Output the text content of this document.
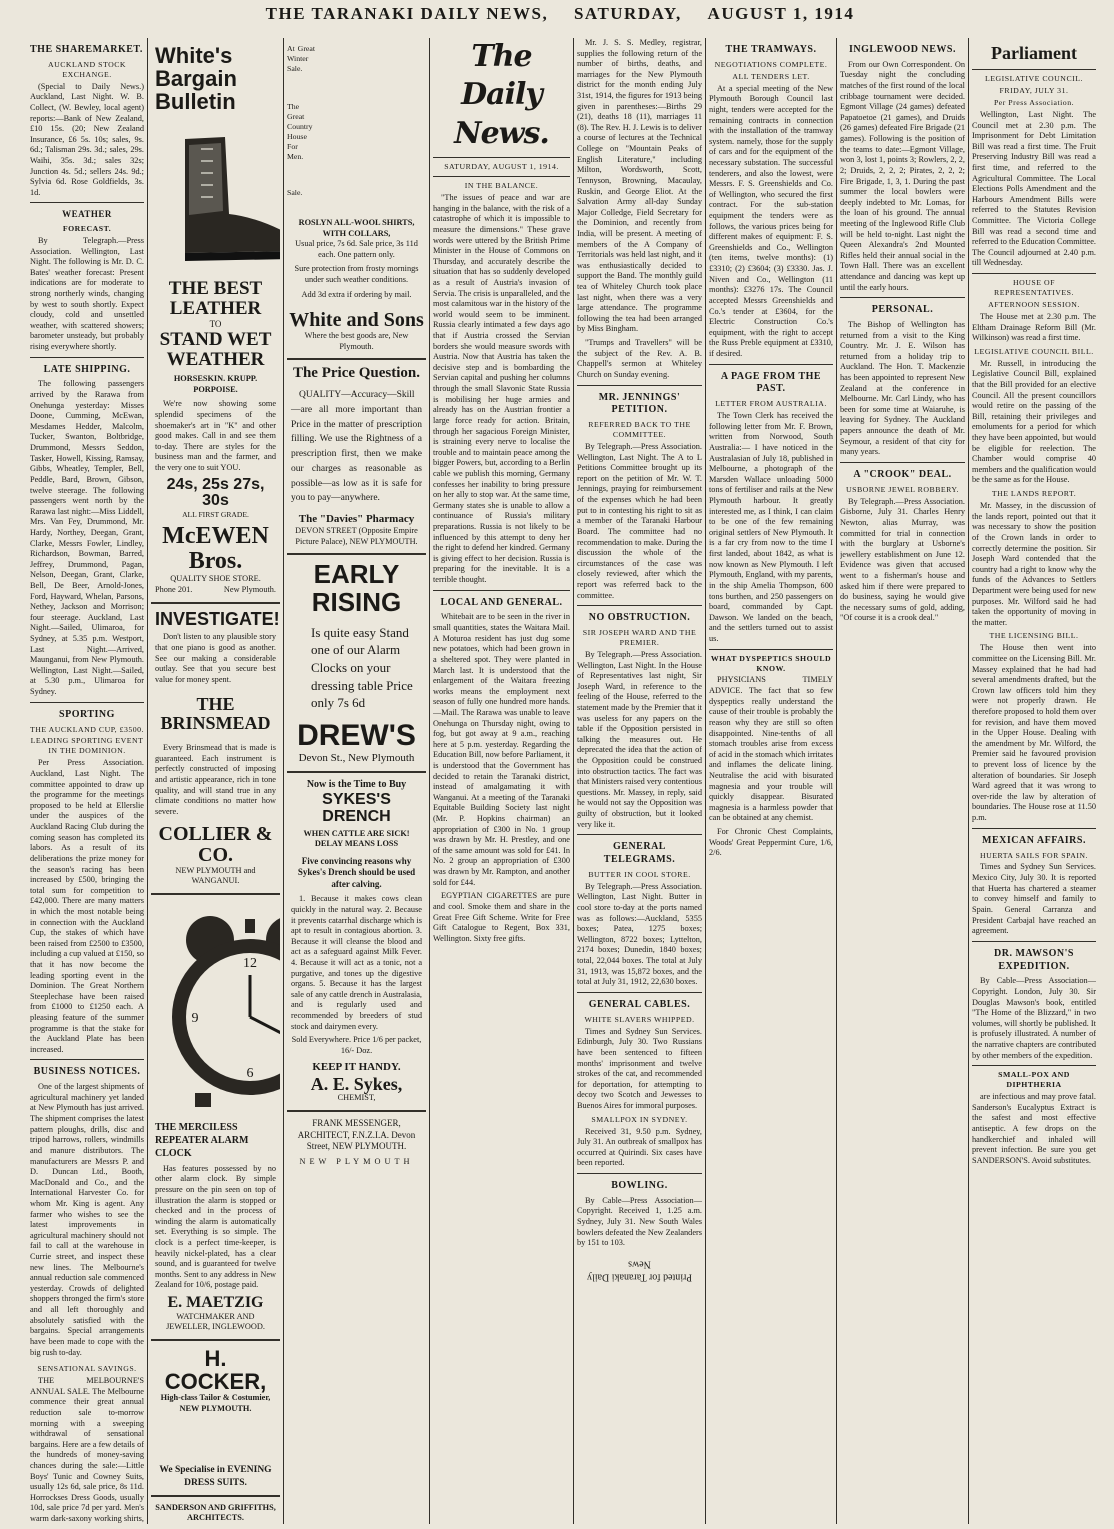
THE TARANAKI DAILY NEWS, SATURDAY, AUGUST 1, 1914
THE SHAREMARKET.
AUCKLAND STOCK EXCHANGE.

(Special to Daily News.) Auckland, Last Night. W. B. Collect, (W. Bewley, local agent) reports:—Bank of New Zealand, £10 15s. (20; New Zealand Insurance, £6 5s. 10s; sales, 9s. 6d.; Talisman 29s. 3d.; sales, 29s. Waihi, 35s. 3d.; sales 32s; Junction 4s. 5d.; sellers 24s. 9d.; Sylvia 6d. Rose Goldfields, 3s. 1d.

WEATHER
FORECAST.

By Telegraph.—Press Association. Wellington, Last Night. The following is Mr. D. C. Bates' weather forecast: Present indications are for moderate to strong northerly winds, changing by west to south shortly. Expect cloudy, cold and unsettled weather, with scattered showers; barometer unsteady, but probably rising everywhere shortly.

LATE SHIPPING.

The following passengers arrived by the Rarawa from Onehunga yesterday: Misses Doone, Cumming, McEwan, Mesdames Hedder, Malcolm, Tucker, Swanton, Boltbridge, Drummond, Messrs Seddon, Tasker, Howell, Kissing, Ramsay, Gibbs, Wheatley, Templer, Bell, Peddle, Bard, Brown, Gibson, twelve steerage. The following passengers went north by the Rarawa last night:—Miss Liddell, Mrs. Van Fey, Drummond, Mr. Hardy, Northey, Deegan, Grant, Clarke, Messrs Fowler, Lindley, Richardson, Bowman, Barred, Jeffrey, Drummond, Pagan, Nelson, Deegan, Grant, Clarke, Bell, De Beer, Arnold-Jones, Ford, Hayward, Whelan, Parsons, Nethey, Jackson and Morrison; four steerage. Auckland, Last Night.—Sailed, Ulimaroa, for Sydney, at 5.35 p.m. Westport, Last Night.—Arrived, Maunganui, from New Plymouth. Wellington, Last Night.—Sailed, at 5.30 p.m., Ulimaroa for Sydney.

SPORTING
THE AUCKLAND CUP, £3500.
LEADING SPORTING EVENT IN THE DOMINION.

Per Press Association. Auckland, Last Night. The committee appointed to draw up the programme for the meetings proposed to be held at Ellerslie under the auspices of the Auckland Racing Club during the coming season has completed its labors. As a result of its deliberations the prize money for the season's racing has been increased by £500, bringing the total sum for competition to £42,000. There are many matters in which the most notable being in connection with the Auckland Cup, the stakes of which have been raised from £2500 to £3500, including a cup valued at £150, so that it has now become the leading sporting event in the Dominion. The Great Northern Steeplechase have been raised from £1000 to £1250 each. A pleasing feature of the summer programme is that the stake for the Auckland Plate has been increased.

BUSINESS NOTICES.

One of the largest shipments of agricultural machinery yet landed at New Plymouth has just arrived. The shipment comprises the latest pattern ploughs, drills, disc and tripod harrows, rollers, windmills and manure distributors. The manufacturers are Messrs P. and D. Duncan Ltd., Booth, MacDonald and Co., and the International Harvester Co. for whom Mr. King is agent. Any farmer who wishes to see the latest improvements in agricultural machinery should not fail to call at the warehouse in Currie street, and inspect these new lines. The Melbourne's annual reduction sale commenced yesterday. Crowds of delighted shoppers thronged the firm's store and all left thoroughly and absolutely satisfied with the bargains. Special arrangements have been made to cope with the big rush to-day.

SENSATIONAL SAVINGS.

THE MELBOURNE'S ANNUAL SALE. The Melbourne commence their great annual reduction sale to-morrow morning with a sweeping withdrawal of sensational bargains. Here are a few details of the hundreds of money-saving chances during the sale:—Little Boys' Tunic and Cowney Suits, usually 12s 6d, sale price, 8s 11d. Horrockses Dress Goods, usually 10d, sale price 7d per yard. Men's warm dark-saxony working shirts,

White's Bargain Bulletin
THE BEST LEATHER
TO
STAND WET WEATHER
HORSESKIN. KRUPP. PORPOISE.

We're now showing some splendid specimens of the shoemaker's art in "K" and other good makes. Call in and see them to-day. There are styles for the business man and the farmer, and the very one to suit YOU.

24s, 25s 27s, 30s
ALL FIRST GRADE.
McEWEN Bros.
QUALITY SHOE STORE.
Phone 201.	New Plymouth.
INVESTIGATE!

Don't listen to any plausible story that one piano is good as another. See our making a considerable outlay. See that you secure best value for money spent.

THE BRINSMEAD

Every Brinsmead that is made is guaranteed. Each instrument is perfectly constructed of imposing and artistic appearance, rich in tone quality, and will stand true in any climate conditions no matter how severe.

COLLIER & CO.
NEW PLYMOUTH and WANGANUI.
12
6
9
THE MERCILESS REPEATER ALARM CLOCK

Has features possessed by no other alarm clock. By simple pressure on the pin seen on top of illustration the alarm is stopped or checked and in the process of winding the alarm is automatically set. Everything is so simple. The clock is a perfect time-keeper, is heavily nickel-plated, has a clear sound, and is guaranteed for twelve months. Sent to any address in New Zealand for 10/6, postage paid.

E. MAETZIG
WATCHMAKER AND JEWELLER, INGLEWOOD.
H. COCKER,
High-class Tailor & Costumier, NEW PLYMOUTH.
We Specialise in EVENING DRESS SUITS.
SANDERSON AND GRIFFITHS, ARCHITECTS.
At Great Winter Sale.
The Great Country House For Men.
Sale.
ROSLYN ALL-WOOL SHIRTS, WITH COLLARS,
Usual price, 7s 6d. Sale price, 3s 11d each. One pattern only.
Sure protection from frosty mornings under such weather conditions.
Add 3d extra if ordering by mail.
White and Sons
Where the best goods are, New Plymouth.
The Price Question.

QUALITY—Accuracy—Skill—are all more important than Price in the matter of prescription filling. We use the Rightness of a prescription first, then we make our charges as reasonable as possible—as low as it is safe for you to pay—anywhere.

The "Davies" Pharmacy
DEVON STREET (Opposite Empire Picture Palace), NEW PLYMOUTH.
EARLY RISING
Is quite easy Stand one of our Alarm Clocks on your dressing table Price only 7s 6d
DREW'S
Devon St., New Plymouth
Now is the Time to Buy
SYKES'S DRENCH
WHEN CATTLE ARE SICK! DELAY MEANS LOSS
Five convincing reasons why Sykes's Drench should be used after calving.

1. Because it makes cows clean quickly in the natural way. 2. Because it prevents catarrhal discharge which is apt to result in contagious abortion. 3. Because it will cleanse the blood and act as a safeguard against Milk Fever. 4. Because it will act as a tonic, not a purgative, and tones up the digestive organs. 5. Because it has the largest sale of any cattle drench in Australasia, and is regularly used and recommended by breeders of stud stock and dairymen every.

Sold Everywhere. Price 1/6 per packet, 16/- Doz.
KEEP IT HANDY.
A. E. Sykes,
CHEMIST,
FRANK MESSENGER, ARCHITECT, F.N.Z.I.A. Devon Street, NEW PLYMOUTH.
NEW PLYMOUTH
The Daily News.
SATURDAY, AUGUST 1, 1914.
IN THE BALANCE.

"The issues of peace and war are hanging in the balance, with the risk of a catastrophe of which it is impossible to measure the dimensions." These grave words were uttered by the British Prime Minister in the House of Commons on Thursday, and accurately describe the situation that has so suddenly developed as a result of Austria's invasion of Servia. The crisis is unparalleled, and the most calamitous war in the history of the world would seem to be imminent. Russia clearly intimated a few days ago that if Austria crossed the Servian borders she would measure swords with Austria. Now that Austria has taken the decisive step and is bombarding the Servian capital and pushing her columns through the small Slavonic State Russia is mobilising her huge armies and already has on the Austrian frontier a large force ready for action. Britain, through her sagacious Foreign Minister, is straining every nerve to localise the trouble and to maintain peace among the bigger Powers, but, according to a Berlin cable we publish this morning, Germany confesses her inability to bring pressure on her ally to stop war. At the same time, Germany states she is unable to allow a continuance of Russia's military preparations. Russia is not likely to be influenced by this attempt to deny her the right to defend her kindred. Germany is giving effect to her decision. Russia is preparing for the inevitable. It is a terrible thought.

LOCAL AND GENERAL.

Whitebait are to be seen in the river in small quantities, states the Waitara Mail. A Moturoa resident has just dug some new potatoes, which had been grown in a sheltered spot. They were planted in March last. It is understood that the enlargement of the Waitara freezing works means the employment next season of fully one hundred more hands.—Mail. The Rarawa was unable to leave Onehunga on Thursday night, owing to fog, but got away at 9 a.m., reaching here at 5 p.m. yesterday. Regarding the Education Bill, now before Parliament, it is understood that the Government has decided to retain the Taranaki district, instead of amalgamating it with Wanganui. At a meeting of the Taranaki Equitable Building Society last night (Mr. P. Hopkins chairman) an appropriation of £300 in No. 1 group was drawn by Mr. H. Prestley, and one of the same amount was sold for £41. In No. 2 group an appropriation of £300 was drawn by Mr. Rampton, and another sold for £44.

EGYPTIAN CIGARETTES are pure and cool. Smoke them and share in the Great Free Gift Scheme. Write for Free Gift Catalogue to Regent, Box 331, Wellington. Sixty free gifts.

Mr. J. S. S. Medley, registrar, supplies the following return of the number of births, deaths, and marriages for the New Plymouth district for the month ending July 31st, 1914, the figures for 1913 being given in parentheses:—Births 29 (21), deaths 18 (11), marriages 11 (8). The Rev. H. J. Lewis is to deliver a course of lectures at the Technical College on "Mountain Peaks of English Literature," including Milton, Wordsworth, Scott, Tennyson, Browning, Macaulay, Ruskin, and George Eliot. At the Salvation Army all-day Sunday Major Colledge, Field Secretary for the Dominion, and recently from India, will be present. A meeting of members of the A Company of Territorials was held last night, and it was enthusiastically decided to support the Band. The monthly guild tea of Whiteley Church took place last night, when there was a very large attendance. The programme following the tea had been arranged by Miss Bingham.

"Trumps and Travellers" will be the subject of the Rev. A. B. Chappell's sermon at Whiteley Church on Sunday evening.

MR. JENNINGS' PETITION.
REFERRED BACK TO THE COMMITTEE.

By Telegraph.—Press Association. Wellington, Last Night. The A to L Petitions Committee brought up its report on the petition of Mr. W. T. Jennings, praying for reimbursement of the expenses which he had been put to in contesting his right to sit as a member of the Taranaki Harbour Board. The committee had no recommendation to make. During the discussion the whole of the circumstances of the case was closely reviewed, after which the report was referred back to the committee.

NO OBSTRUCTION.
SIR JOSEPH WARD AND THE PREMIER.

By Telegraph.—Press Association. Wellington, Last Night. In the House of Representatives last night, Sir Joseph Ward, in reference to the feeling of the House, referred to the statement made by the Premier that it was useless for any papers on the table if the Opposition persisted in talking the measures out. He deprecated the idea that the action of the Opposition could be construed into obstruction tactics. The fact was that Ministers raised very contentious questions. Mr. Massey, in reply, said he would not say the Opposition was guilty of obstruction, but it looked very like it.

GENERAL TELEGRAMS.
BUTTER IN COOL STORE.

By Telegraph.—Press Association. Wellington, Last Night. Butter in cool store to-day at the ports named was as follows:—Auckland, 5355 boxes; Patea, 1275 boxes; Wellington, 8722 boxes; Lyttelton, 2174 boxes; Dunedin, 1840 boxes; total, 22,044 boxes. The total at July 31, 1913, was 15,872 boxes, and the total at July 31, 1912, 22,630 boxes.

GENERAL CABLES.
WHITE SLAVERS WHIPPED.

Times and Sydney Sun Services. Edinburgh, July 30. Two Russians have been sentenced to fifteen months' imprisonment and twelve strokes of the cat, and recommended for deportation, for attempting to decoy two Scotch and Jewesses to Buenos Aires for immoral purposes.

SMALLPOX IN SYDNEY.

Received 31, 9.50 p.m. Sydney, July 31. An outbreak of smallpox has occurred at Quirindi. Six cases have been reported.

BOWLING.

By Cable—Press Association—Copyright. Received 1, 1.25 a.m. Sydney, July 31. New South Wales bowlers defeated the New Zealanders by 151 to 103.

Printed for Taranaki Daily News
THE TRAMWAYS.
NEGOTIATIONS COMPLETE.
ALL TENDERS LET.

At a special meeting of the New Plymouth Borough Council last night, tenders were accepted for the remaining contracts in connection with the installation of the tramway system. namely, those for the supply of cars and for the equipment of the necessary substation. The successful tenderers, and also the lowest, were Messrs. F. S. Greenshields and Co. of Wellington, who secured the first contract. For the sub-station equipment the tenders were as follows, the various prices being for different makes of equipment: F. S. Greenshields and Co., Wellington (ten items, twelve months): (1) £3310; (2) £3604; (3) £3330. Jas. J. Niven and Co., Wellington (11 months): £3276 17s. The Council accepted Messrs Greenshields and Co.'s tender at £3604, for the Electric Construction Co.'s equipment, with the right to accept the Russ Preble equipment at £3310, if desired.

A PAGE FROM THE PAST.
LETTER FROM AUSTRALIA.

The Town Clerk has received the following letter from Mr. F. Brown, written from Norwood, South Australia:— I have noticed in the Australasian of July 18, published in Melbourne, a photograph of the Marsden Wallace unloading 5000 tons of fertiliser and rails at the New Plymouth harbour. It greatly interested me, as I think, I can claim to be one of the few remaining original settlers of New Plymouth. It is a far cry from now to the time I first landed, about 1842, as what is now known as New Plymouth. I left Plymouth, England, with my parents, in the ship Amelia Thompson, 600 tons burthen, and 250 passengers on board, commanded by Capt. Dawson. We landed on the beach, and the settlers turned out to assist us.

WHAT DYSPEPTICS SHOULD KNOW.

PHYSICIANS TIMELY ADVICE. The fact that so few dyspeptics really understand the cause of their trouble is probably the reason why they are still so often disappointed. Nine-tenths of all stomach troubles arise from excess of acid in the stomach which irritates and inflames the delicate lining. Neutralise the acid with bisurated magnesia and your trouble will quickly disappear. Bisurated magnesia is a harmless powder that can be obtained at any chemist.

For Chronic Chest Complaints, Woods' Great Peppermint Cure, 1/6, 2/6.

INGLEWOOD NEWS.

From our Own Correspondent. On Tuesday night the concluding matches of the first round of the local cribbage tournament were decided. Egmont Village (24 games) defeated Papatoetoe (21 games), and Druids (26 games) defeated Fire Brigade (21 games). Following is the position of the teams to date:—Egmont Village, won 3, lost 1, points 3; Rowlers, 2, 2, 2; Druids, 2, 2, 2; Pirates, 2, 2, 2; Fire Brigade, 1, 3, 1. During the past summer the local bowlers were deeply indebted to Mr. Lomas, for the loan of his ground. The annual meeting of the Inglewood Rifle Club will be held to-night. Last night the Queen Alexandra's 2nd Mounted Rifles held their annual social in the Town Hall. There was an excellent attendance and dancing was kept up until the early hours.

PERSONAL.

The Bishop of Wellington has returned from a visit to the King Country. Mr. J. E. Wilson has returned from a holiday trip to Auckland. The Hon. T. Mackenzie has been appointed to represent New Zealand at the conference in Melbourne. Mr. Carl Lindy, who has been for some time at Waiaruhe, is leaving for Sydney. The Auckland papers announce the death of Mr. Seymour, a resident of that city for many years.

A "CROOK" DEAL.
USBORNE JEWEL ROBBERY.

By Telegraph.—Press Association. Gisborne, July 31. Charles Henry Newton, alias Murray, was committed for trial in connection with the burglary at Usborne's jewellery establishment on June 12. Evidence was given that accused went to a fisherman's house and asked him if there were prepared to do business, saying he would give the necessary sums of gold, adding, "Of course it is a crook deal."

Parliament
LEGISLATIVE COUNCIL.
FRIDAY, JULY 31.
Per Press Association.

Wellington, Last Night. The Council met at 2.30 p.m. The Imprisonment for Debt Limitation Bill was read a first time. The Fruit Preserving Industry Bill was read a first time, and referred to the Agricultural Committee. The Local Elections Polls Amendment and the Harbours Amendment Bills were referred to the Statutes Revision Committee. The Victoria College Bill was read a second time and referred to the Education Committee. The Council adjourned at 2.40 p.m. till Wednesday.

HOUSE OF REPRESENTATIVES.
AFTERNOON SESSION.

The House met at 2.30 p.m. The Eltham Drainage Reform Bill (Mr. Wilkinson) was read a first time.

LEGISLATIVE COUNCIL BILL.

Mr. Russell, in introducing the Legislative Council Bill, explained that the Bill provided for an elective Council. All the present councillors would retire on the passing of the Bill, retaining their privileges and emoluments for a period for which they have been appointed, but would be eligible for reelection. The Chamber would comprise 40 members and the qualification would be the same as for the House.

THE LANDS REPORT.

Mr. Massey, in the discussion of the lands report, pointed out that it was necessary to show the position of the Crown lands in order to correctly determine the position. Sir Joseph Ward contended that the country had a right to know why the funds of the Advances to Settlers Department were being used for new purposes. Mr. Wilford said he had taken the opportunity of moving in the matter.

THE LICENSING BILL.

The House then went into committee on the Licensing Bill. Mr. Massey explained that he had had several amendments drafted, but the Crown law officers told him they were not properly drawn. He therefore proposed to hold them over for revision, and have them moved in the Upper House. Dealing with the amendment by Mr. Wilford, the Premier said he favoured provision to prevent loss of licence by the alteration of boundaries. Sir Joseph Ward agreed that it was wrong to over-ride the law by alteration of boundaries. The House rose at 11.50 p.m.

MEXICAN AFFAIRS.
HUERTA SAILS FOR SPAIN.

Times and Sydney Sun Services. Mexico City, July 30. It is reported that Huerta has chartered a steamer to convey himself and family to Spain. General Carranza and President Carbajal have reached an agreement.

DR. MAWSON'S EXPEDITION.

By Cable—Press Association—Copyright. London, July 30. Sir Douglas Mawson's book, entitled "The Home of the Blizzard," in two volumes, will shortly be published. It is profusely illustrated. A number of the narrative chapters are contributed by other members of the expedition.

SMALL-POX AND DIPHTHERIA

are infectious and may prove fatal. Sanderson's Eucalyptus Extract is the safest and most effective antiseptic. A few drops on the handkerchief and inhaled will prevent infection. Be sure you get SANDERSON'S. Avoid substitutes.
